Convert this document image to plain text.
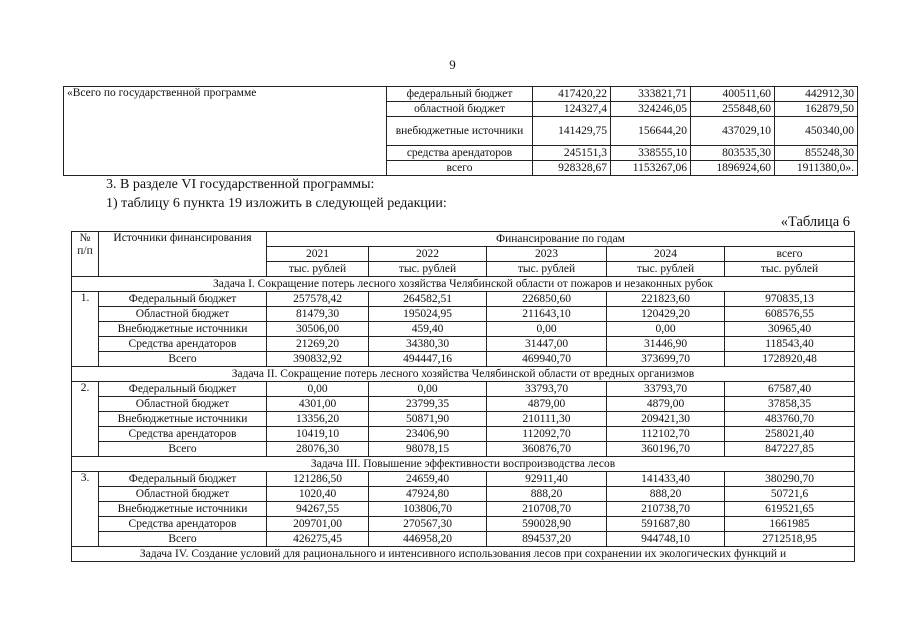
9
«Всего по государственной программе	федеральный бюджет	417420,22	333821,71	400511,60	442912,30
	областной бюджет	124327,4	324246,05	255848,60	162879,50
	внебюджетные источники	141429,75	156644,20	437029,10	450340,00
	средства арендаторов	245151,3	338555,10	803535,30	855248,30
	всего	928328,67	1153267,06	1896924,60	1911380,0».

3. В разделе VI государственной программы:

1) таблицу 6 пункта 19 изложить в следующей редакции:

«Таблица 6
№ п/п	Источники финансирования	Финансирование по годам				
		2021	2022	2023	2024	всего
		тыс. рублей	тыс. рублей	тыс. рублей	тыс. рублей	тыс. рублей
Задача I. Сокращение потерь лесного хозяйства Челябинской области от пожаров и незаконных рубок						
1.	Федеральный бюджет	257578,42	264582,51	226850,60	221823,60	970835,13
	Областной бюджет	81479,30	195024,95	211643,10	120429,20	608576,55
	Внебюджетные источники	30506,00	459,40	0,00	0,00	30965,40
	Средства арендаторов	21269,20	34380,30	31447,00	31446,90	118543,40
	Всего	390832,92	494447,16	469940,70	373699,70	1728920,48
Задача II. Сокращение потерь лесного хозяйства Челябинской области от вредных организмов						
2.	Федеральный бюджет	0,00	0,00	33793,70	33793,70	67587,40
	Областной бюджет	4301,00	23799,35	4879,00	4879,00	37858,35
	Внебюджетные источники	13356,20	50871,90	210111,30	209421,30	483760,70
	Средства арендаторов	10419,10	23406,90	112092,70	112102,70	258021,40
	Всего	28076,30	98078,15	360876,70	360196,70	847227,85
Задача III. Повышение эффективности воспроизводства лесов						
3.	Федеральный бюджет	121286,50	24659,40	92911,40	141433,40	380290,70
	Областной бюджет	1020,40	47924,80	888,20	888,20	50721,6
	Внебюджетные источники	94267,55	103806,70	210708,70	210738,70	619521,65
	Средства арендаторов	209701,00	270567,30	590028,90	591687,80	1661985
	Всего	426275,45	446958,20	894537,20	944748,10	2712518,95
Задача IV. Создание условий для рационального и интенсивного использования лесов при сохранении их экологических функций и						
